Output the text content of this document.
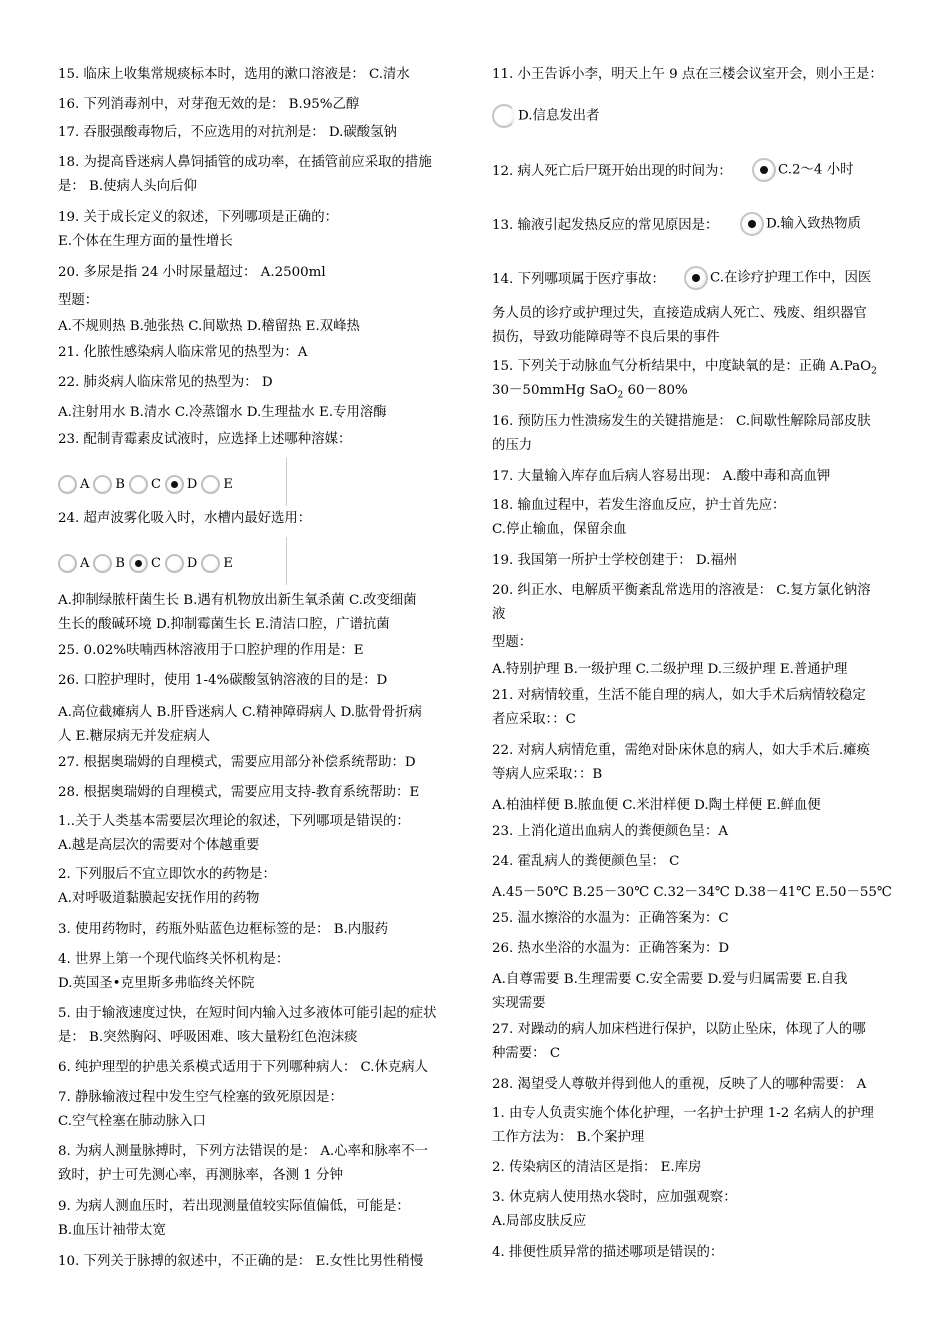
15. 临床上收集常规痰标本时，选用的漱口溶液是： C.清水
16. 下列消毒剂中，对芽孢无效的是： B.95%乙醇
17. 吞服强酸毒物后，不应选用的对抗剂是： D.碳酸氢钠
18. 为提高昏迷病人鼻饲插管的成功率，在插管前应采取的措施
是： B.使病人头向后仰
19. 关于成长定义的叙述，下列哪项是正确的：
E.个体在生理方面的量性增长
20. 多尿是指 24 小时尿量超过： A.2500ml
型题：
A.不规则热 B.弛张热 C.间歇热 D.稽留热 E.双峰热
21. 化脓性感染病人临床常见的热型为：A
22. 肺炎病人临床常见的热型为： D
A.注射用水 B.清水 C.冷蒸馏水 D.生理盐水 E.专用溶酶
23. 配制青霉素皮试液时，应选择上述哪种溶媒：
24. 超声波雾化吸入时，水槽内最好选用：
A.抑制绿脓杆菌生长 B.遇有机物放出新生氧杀菌 C.改变细菌
生长的酸碱环境 D.抑制霉菌生长 E.清洁口腔，广谱抗菌
25. 0.02%呋喃西林溶液用于口腔护理的作用是：E
26. 口腔护理时，使用 1-4%碳酸氢钠溶液的目的是：D
A.高位截瘫病人 B.肝昏迷病人 C.精神障碍病人 D.肱骨骨折病
人 E.糖尿病无并发症病人
27. 根据奥瑞姆的自理模式，需要应用部分补偿系统帮助：D
28. 根据奥瑞姆的自理模式，需要应用支持-教育系统帮助：E
1..关于人类基本需要层次理论的叙述，下列哪项是错误的：
A.越是高层次的需要对个体越重要
2. 下列服后不宜立即饮水的药物是：
A.对呼吸道黏膜起安抚作用的药物
3. 使用药物时，药瓶外贴蓝色边框标签的是： B.内服药
4. 世界上第一个现代临终关怀机构是：
D.英国圣•克里斯多弗临终关怀院
5. 由于输液速度过快，在短时间内输入过多液体可能引起的症状
是： B.突然胸闷、呼吸困难、咳大量粉红色泡沫痰
6. 纯护理型的护患关系模式适用于下列哪种病人： C.休克病人
7. 静脉输液过程中发生空气栓塞的致死原因是：
C.空气栓塞在肺动脉入口
8. 为病人测量脉搏时，下列方法错误的是： A.心率和脉率不一
致时，护士可先测心率，再测脉率，各测 1 分钟
9. 为病人测血压时，若出现测量值较实际值偏低，可能是：
B.血压计袖带太宽
10. 下列关于脉搏的叙述中，不正确的是： E.女性比男性稍慢
11. 小王告诉小李，明天上午 9 点在三楼会议室开会，则小王是：
12. 病人死亡后尸斑开始出现的时间为：
13. 输液引起发热反应的常见原因是：
14. 下列哪项属于医疗事故：
务人员的诊疗或护理过失，直接造成病人死亡、残废、组织器官
损伤，导致功能障碍等不良后果的事件
16. 预防压力性溃疡发生的关键措施是： C.间歇性解除局部皮肤
的压力
17. 大量输入库存血后病人容易出现： A.酸中毒和高血钾
18. 输血过程中，若发生溶血反应，护士首先应：
C.停止输血，保留余血
19. 我国第一所护士学校创建于： D.福州
20. 纠正水、电解质平衡紊乱常选用的溶液是： C.复方氯化钠溶
液
型题：
A.特别护理 B.一级护理 C.二级护理 D.三级护理 E.普通护理
21. 对病情较重，生活不能自理的病人，如大手术后病情较稳定
者应采取：：C
22. 对病人病情危重，需绝对卧床休息的病人，如大手术后.瘫痪
等病人应采取：：B
A.柏油样便 B.脓血便 C.米泔样便 D.陶土样便 E.鲜血便
23. 上消化道出血病人的粪便颜色呈：A
24. 霍乱病人的粪便颜色呈： C
A.45－50℃ B.25－30℃ C.32－34℃ D.38－41℃ E.50－55℃
25. 温水擦浴的水温为：正确答案为：C
26. 热水坐浴的水温为：正确答案为：D
A.自尊需要 B.生理需要 C.安全需要 D.爱与归属需要 E.自我
实现需要
27. 对躁动的病人加床档进行保护，以防止坠床，体现了人的哪
种需要： C
28. 渴望受人尊敬并得到他人的重视，反映了人的哪种需要： A
1. 由专人负责实施个体化护理，一名护士护理 1-2 名病人的护理
工作方法为： B.个案护理
2. 传染病区的清洁区是指： E.库房
3. 休克病人使用热水袋时，应加强观察：
A.局部皮肤反应
4. 排便性质异常的描述哪项是错误的：
A B C D E
A B C D E
D.信息发出者
C.2～4 小时
D.输入致热物质
C.在诊疗护理工作中，因医
15. 下列关于动脉血气分析结果中，中度缺氧的是：正确 A.PaO$_2$
30－50mmHg SaO$_2$ 60－80%
